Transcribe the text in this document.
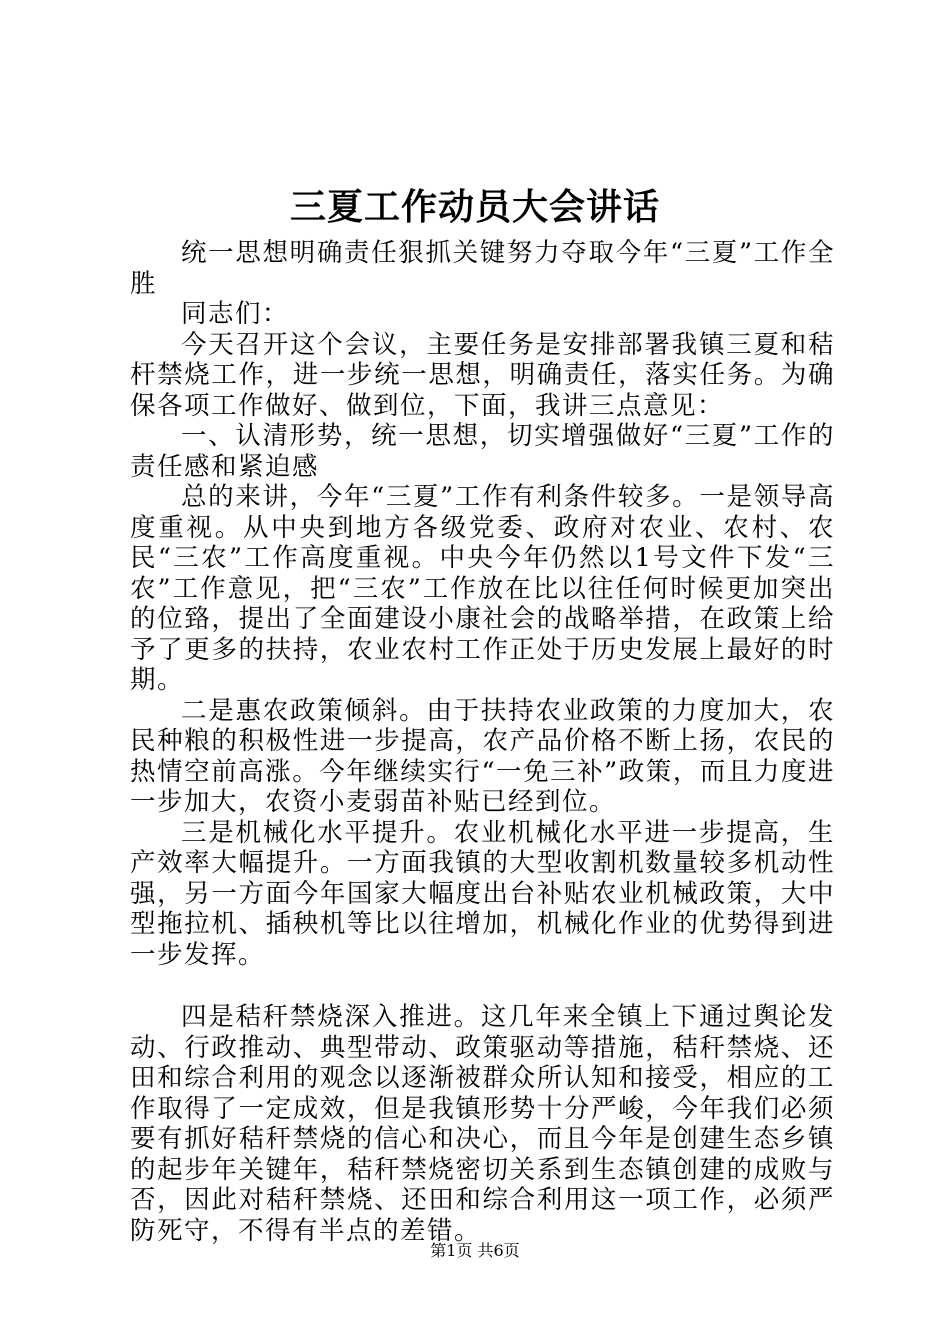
三夏工作动员大会讲话

统一思想明确责任狠抓关键努力夺取今年“三夏”工作全胜

同志们：

今天召开这个会议，主要任务是安排部署我镇三夏和秸杆禁烧工作，进一步统一思想，明确责任，落实任务。为确保各项工作做好、做到位，下面，我讲三点意见：

一、认清形势，统一思想，切实增强做好“三夏”工作的责任感和紧迫感

总的来讲，今年“三夏”工作有利条件较多。一是领导高度重视。从中央到地方各级党委、政府对农业、农村、农民“三农”工作高度重视。中央今年仍然以1号文件下发“三农”工作意见，把“三农”工作放在比以往任何时候更加突出的位臵，提出了全面建设小康社会的战略举措，在政策上给予了更多的扶持，农业农村工作正处于历史发展上最好的时期。

二是惠农政策倾斜。由于扶持农业政策的力度加大，农民种粮的积极性进一步提高，农产品价格不断上扬，农民的热情空前高涨。今年继续实行“一免三补”政策，而且力度进一步加大，农资小麦弱苗补贴已经到位。

三是机械化水平提升。农业机械化水平进一步提高，生产效率大幅提升。一方面我镇的大型收割机数量较多机动性强，另一方面今年国家大幅度出台补贴农业机械政策，大中型拖拉机、插秧机等比以往增加，机械化作业的优势得到进一步发挥。

四是秸秆禁烧深入推进。这几年来全镇上下通过舆论发动、行政推动、典型带动、政策驱动等措施，秸秆禁烧、还田和综合利用的观念以逐渐被群众所认知和接受，相应的工作取得了一定成效，但是我镇形势十分严峻，今年我们必须要有抓好秸秆禁烧的信心和决心，而且今年是创建生态乡镇的起步年关键年，秸秆禁烧密切关系到生态镇创建的成败与否，因此对秸秆禁烧、还田和综合利用这一项工作，必须严防死守，不得有半点的差错。

第1页 共6页
